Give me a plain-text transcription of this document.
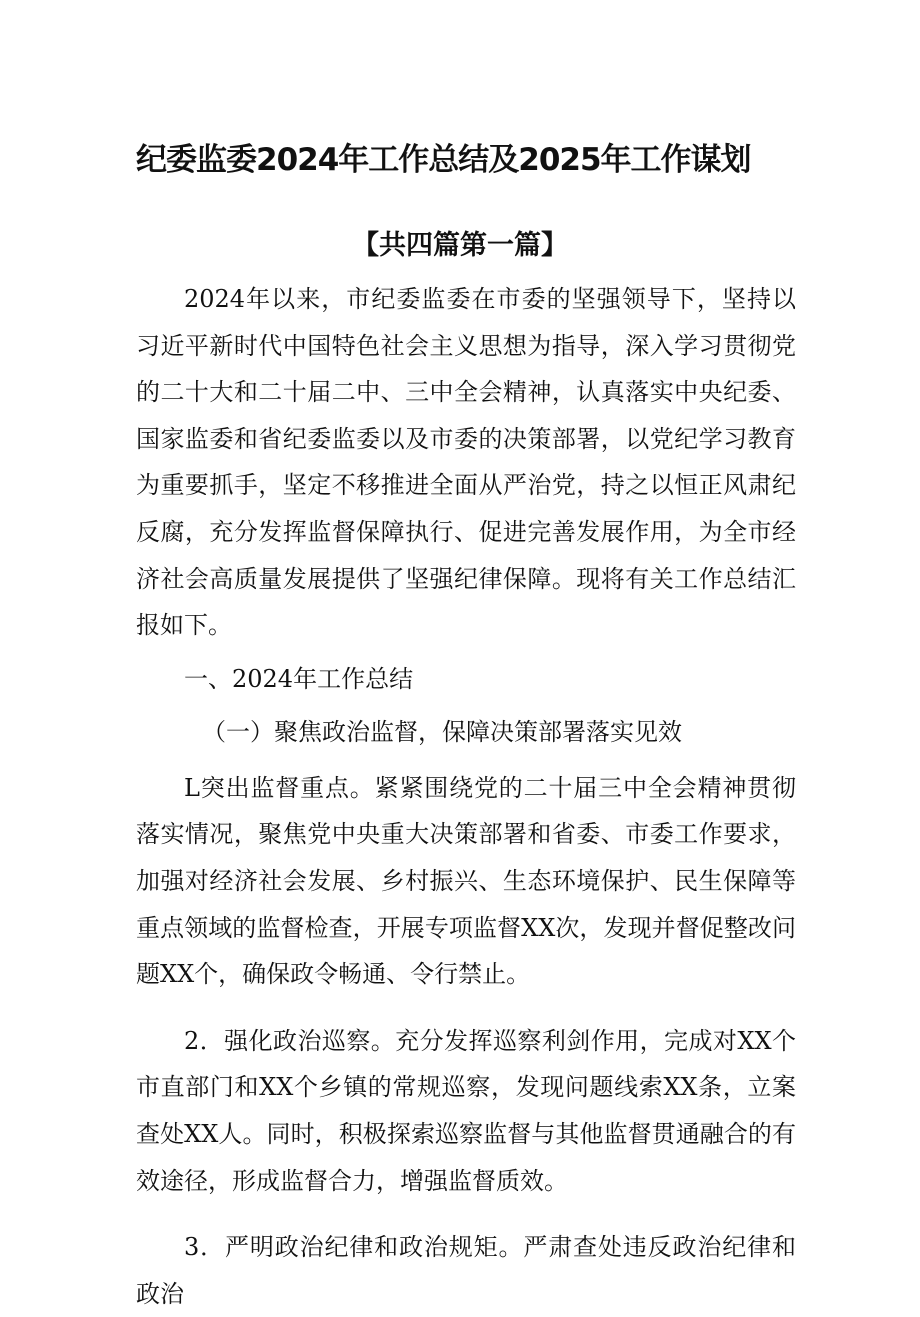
纪委监委2024年工作总结及2025年工作谋划
【共四篇第一篇】

2024年以来，市纪委监委在市委的坚强领导下，坚持以习近平新时代中国特色社会主义思想为指导，深入学习贯彻党的二十大和二十届二中、三中全会精神，认真落实中央纪委、国家监委和省纪委监委以及市委的决策部署，以党纪学习教育为重要抓手，坚定不移推进全面从严治党，持之以恒正风肃纪反腐，充分发挥监督保障执行、促进完善发展作用，为全市经济社会高质量发展提供了坚强纪律保障。现将有关工作总结汇报如下。

一、2024年工作总结

（一）聚焦政治监督，保障决策部署落实见效

L突出监督重点。紧紧围绕党的二十届三中全会精神贯彻落实情况，聚焦党中央重大决策部署和省委、市委工作要求，加强对经济社会发展、乡村振兴、生态环境保护、民生保障等重点领域的监督检查，开展专项监督XX次，发现并督促整改问题XX个，确保政令畅通、令行禁止。

2．强化政治巡察。充分发挥巡察利剑作用，完成对XX个市直部门和XX个乡镇的常规巡察，发现问题线索XX条，立案查处XX人。同时，积极探索巡察监督与其他监督贯通融合的有效途径，形成监督合力，增强监督质效。

3．严明政治纪律和政治规矩。严肃查处违反政治纪律和政治
